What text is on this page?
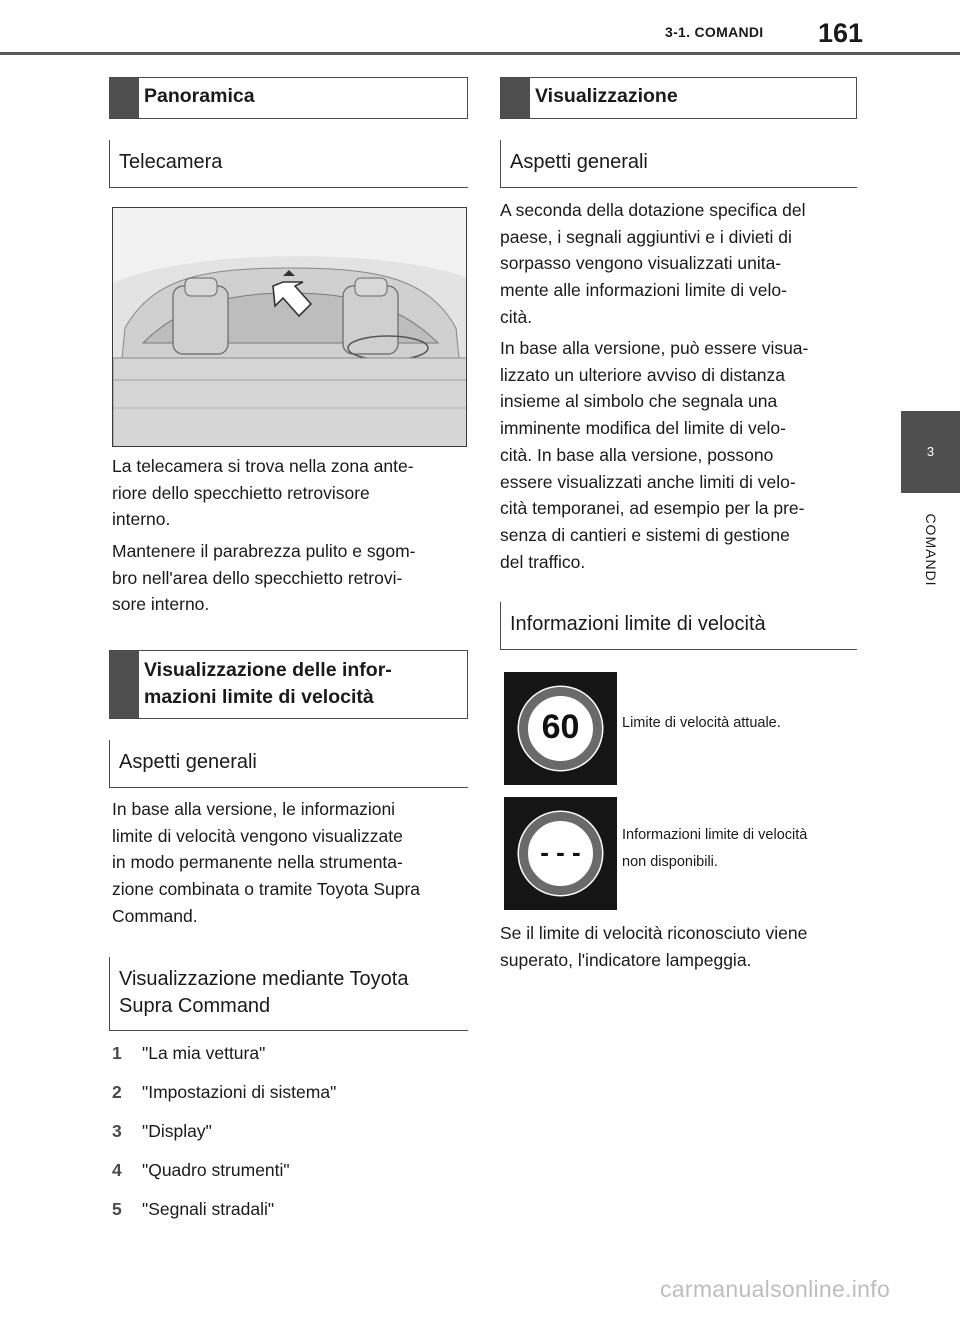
3-1. COMANDI	161
3
COMANDI
Panoramica
Telecamera
La telecamera si trova nella zona ante-
riore dello specchietto retrovisore
interno.
Mantenere il parabrezza pulito e sgom-
bro nell'area dello specchietto retrovi-
sore interno.
Visualizzazione delle infor-
mazioni limite di velocità
Aspetti generali
In base alla versione, le informazioni
limite di velocità vengono visualizzate
in modo permanente nella strumenta-
zione combinata o tramite Toyota Supra
Command.
Visualizzazione mediante Toyota
Supra Command
1 "La mia vettura"
2 "Impostazioni di sistema"
3 "Display"
4 "Quadro strumenti"
5 "Segnali stradali"
Visualizzazione
Aspetti generali
A seconda della dotazione specifica del
paese, i segnali aggiuntivi e i divieti di
sorpasso vengono visualizzati unita-
mente alle informazioni limite di velo-
cità.
In base alla versione, può essere visua-
lizzato un ulteriore avviso di distanza
insieme al simbolo che segnala una
imminente modifica del limite di velo-
cità. In base alla versione, possono
essere visualizzati anche limiti di velo-
cità temporanei, ad esempio per la pre-
senza di cantieri e sistemi di gestione
del traffico.
Informazioni limite di velocità
60	Limite di velocità attuale.
- - -
Informazioni limite di velocità
non disponibili.
Se il limite di velocità riconosciuto viene
superato, l'indicatore lampeggia.
carmanualsonline.info
